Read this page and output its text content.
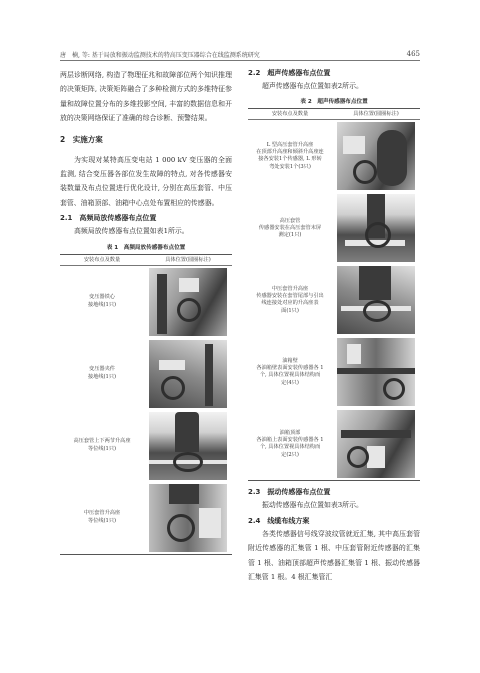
唐　楠, 等: 基于局放和振动监测技术的特高压变压器综合在线监测系统研究	465

两层诊断网络, 构造了物理征兆和故障部位两个知识推理的决策矩阵, 决策矩阵融合了多种检测方式的多维特征参量和故障位置分布的多维投影空间, 丰富的数据信息和开放的决策网络保证了准确的综合诊断、预警结果。

2　实施方案

为实现对某特高压变电站 1 000 kV 变压器的全面监测, 结合变压器各部位发生故障的特点, 对各传感器安装数量及布点位置进行优化设计, 分别在高压套管、中压套管、油箱顶部、油箱中心点处布置相应的传感器。

2.1　高频局放传感器布点位置

高频局放传感器布点位置如表1所示。

表 1　高频局放传感器布点位置
安装布点及数量	具体位置(圆圈标注)
变压器铁心
接地线(1只)	

变压器夹件
接地线(1只)	

高压套管上下两节升高座
等位线(1只)	

中压套管升高座
等位线(1只)	
2.2　超声传感器布点位置

超声传感器布点位置如表2所示。

表 2　超声传感器布点位置
安装布点及数量	具体位置(圆圈标注)
L 型高压套管升高座
在顶部升高座和倾斜升高座连
接各安装1个传感器, L 形转
弯处安装1个(3只)	

高压套管
传感器安装在高压套管末屏
测定(1只)	

中压套管升高座
传感器安装在套管尾部与引出
线连接处对应的升高座表
面(1只)	

油箱壁
各油箱壁表面安装传感器各 1
个, 具体位置视具体结构而
定(4只)	

油箱顶部
各油箱上表面安装传感器各 1
个, 具体位置视具体结构而
定(2只)	
2.3　振动传感器布点位置

振动传感器布点位置如表3所示。

2.4　线缆布线方案

各类传感器信号线穿波纹管就近汇集, 其中高压套管附近传感器的汇集管 1 根、中压套管附近传感器的汇集管 1 根、油箱顶部超声传感器汇集管 1 根、振动传感器汇集管 1 根。4 根汇集管汇
